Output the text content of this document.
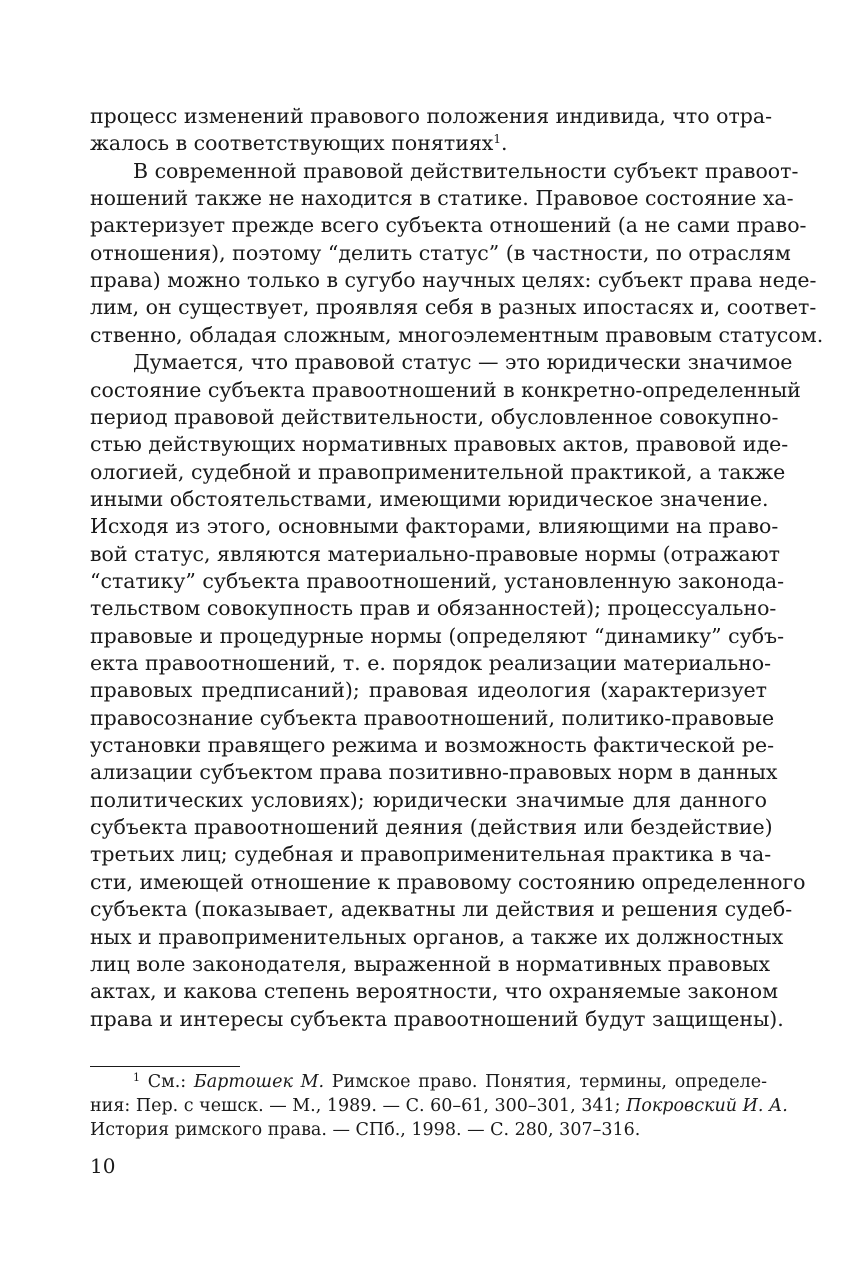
процесс изменений правового положения индивида, что отра-
жалось в соответствующих понятиях$^1$.
В современной правовой действительности субъект правоот-
ношений также не находится в статике. Правовое состояние ха-
рактеризует прежде всего субъекта отношений (а не сами право-
отношения), поэтому “делить статус” (в частности, по отраслям
права) можно только в сугубо научных целях: субъект права неде-
лим, он существует, проявляя себя в разных ипостасях и, соответ-
ственно, обладая сложным, многоэлементным правовым статусом.
Думается, что правовой статус — это юридически значимое
состояние субъекта правоотношений в конкретно-определенный
период правовой действительности, обусловленное совокупно-
стью действующих нормативных правовых актов, правовой иде-
ологией, судебной и правоприменительной практикой, а также
иными обстоятельствами, имеющими юридическое значение.
Исходя из этого, основными факторами, влияющими на право-
вой статус, являются материально-правовые нормы (отражают
“статику” субъекта правоотношений, установленную законода-
тельством совокупность прав и обязанностей); процессуально-
правовые и процедурные нормы (определяют “динамику” субъ-
екта правоотношений, т. е. порядок реализации материально-
правовых предписаний); правовая идеология (характеризует
правосознание субъекта правоотношений, политико-правовые
установки правящего режима и возможность фактической ре-
ализации субъектом права позитивно-правовых норм в данных
политических условиях); юридически значимые для данного
субъекта правоотношений деяния (действия или бездействие)
третьих лиц; судебная и правоприменительная практика в ча-
сти, имеющей отношение к правовому состоянию определенного
субъекта (показывает, адекватны ли действия и решения судеб-
ных и правоприменительных органов, а также их должностных
лиц воле законодателя, выраженной в нормативных правовых
актах, и какова степень вероятности, что охраняемые законом
права и интересы субъекта правоотношений будут защищены).
$^1$ См.: Бартошек М. Римское право. Понятия, термины, определе-
ния: Пер. с чешск. — М., 1989. — С. 60–61, 300–301, 341; Покровский И. А.
История римского права. — СПб., 1998. — С. 280, 307–316.
10
